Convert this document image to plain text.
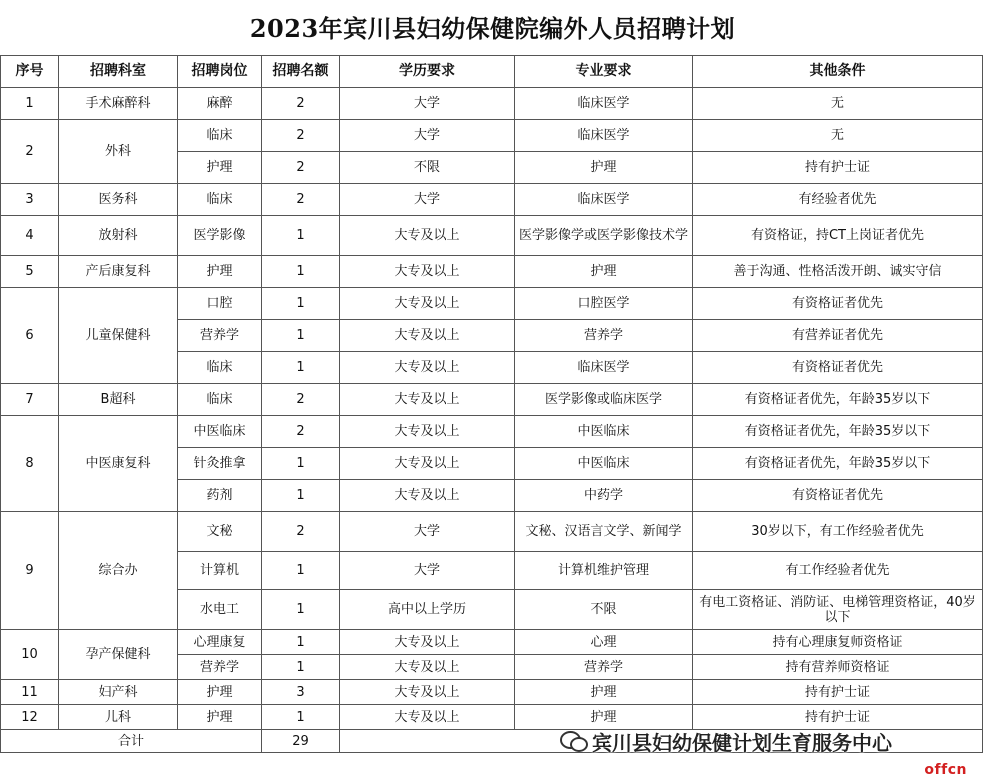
2023年宾川县妇幼保健院编外人员招聘计划
序号	招聘科室	招聘岗位	招聘名额	学历要求	专业要求	其他条件
1	手术麻醉科	麻醉	2	大学	临床医学	无
2	外科	临床	2	大学	临床医学	无
		护理	2	不限	护理	持有护士证
3	医务科	临床	2	大学	临床医学	有经验者优先
4	放射科	医学影像	1	大专及以上	医学影像学或医学影像技术学	有资格证，持CT上岗证者优先
5	产后康复科	护理	1	大专及以上	护理	善于沟通、性格活泼开朗、诚实守信
6	儿童保健科	口腔	1	大专及以上	口腔医学	有资格证者优先
		营养学	1	大专及以上	营养学	有营养证者优先
		临床	1	大专及以上	临床医学	有资格证者优先
7	B超科	临床	2	大专及以上	医学影像或临床医学	有资格证者优先，年龄35岁以下
8	中医康复科	中医临床	2	大专及以上	中医临床	有资格证者优先，年龄35岁以下
		针灸推拿	1	大专及以上	中医临床	有资格证者优先，年龄35岁以下
		药剂	1	大专及以上	中药学	有资格证者优先
9	综合办	文秘	2	大学	文秘、汉语言文学、新闻学	30岁以下，有工作经验者优先
		计算机	1	大学	计算机维护管理	有工作经验者优先
		水电工	1	高中以上学历	不限	有电工资格证、消防证、电梯管理资格证，40岁以下
10	孕产保健科	心理康复	1	大专及以上	心理	持有心理康复师资格证
		营养学	1	大专及以上	营养学	持有营养师资格证
11	妇产科	护理	3	大专及以上	护理	持有护士证
12	儿科	护理	1	大专及以上	护理	持有护士证
合计			29				宾川县妇幼保健计划生育服务中心
offcn
